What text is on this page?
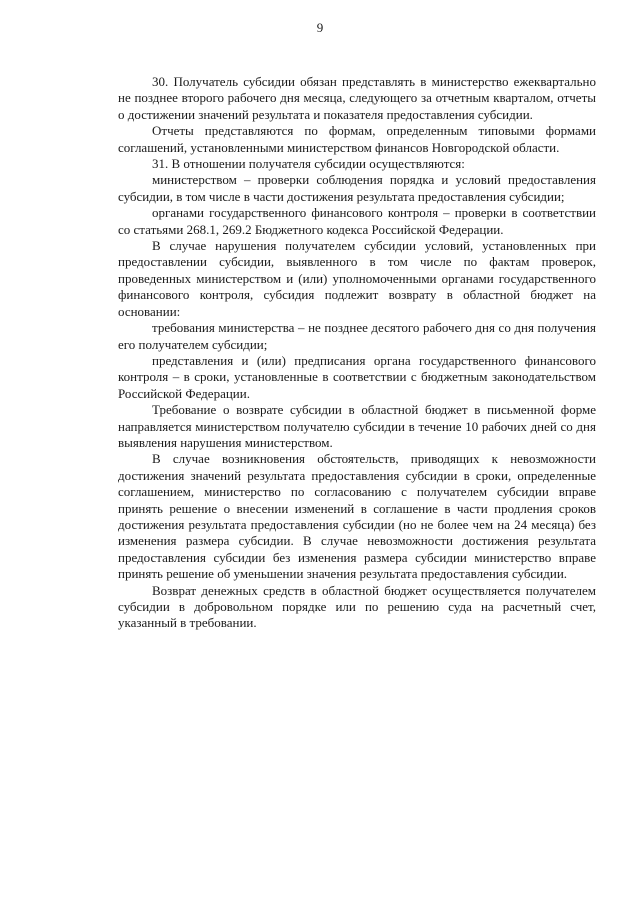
9

30. Получатель субсидии обязан представлять в министерство ежеквартально не позднее второго рабочего дня месяца, следующего за отчетным кварталом, отчеты о достижении значений результата и показателя предоставления субсидии.

Отчеты представляются по формам, определенным типовыми формами соглашений, установленными министерством финансов Новгородской области.

31. В отношении получателя субсидии осуществляются:

министерством – проверки соблюдения порядка и условий предоставления субсидии, в том числе в части достижения результата предоставления субсидии;

органами государственного финансового контроля – проверки в соответствии со статьями 268.1, 269.2 Бюджетного кодекса Российской Федерации.

В случае нарушения получателем субсидии условий, установленных при предоставлении субсидии, выявленного в том числе по фактам проверок, проведенных министерством и (или) уполномоченными органами государственного финансового контроля, субсидия подлежит возврату в областной бюджет на основании:

требования министерства – не позднее десятого рабочего дня со дня получения его получателем субсидии;

представления и (или) предписания органа государственного финансового контроля – в сроки, установленные в соответствии с бюджетным законодательством Российской Федерации.

Требование о возврате субсидии в областной бюджет в письменной форме направляется министерством получателю субсидии в течение 10 рабочих дней со дня выявления нарушения министерством.

В случае возникновения обстоятельств, приводящих к невозможности достижения значений результата предоставления субсидии в сроки, определенные соглашением, министерство по согласованию с получателем субсидии вправе принять решение о внесении изменений в соглашение в части продления сроков достижения результата предоставления субсидии (но не более чем на 24 месяца) без изменения размера субсидии. В случае невозможности достижения результата предоставления субсидии без изменения размера субсидии министерство вправе принять решение об уменьшении значения результата предоставления субсидии.

Возврат денежных средств в областной бюджет осуществляется получателем субсидии в добровольном порядке или по решению суда на расчетный счет, указанный в требовании.
